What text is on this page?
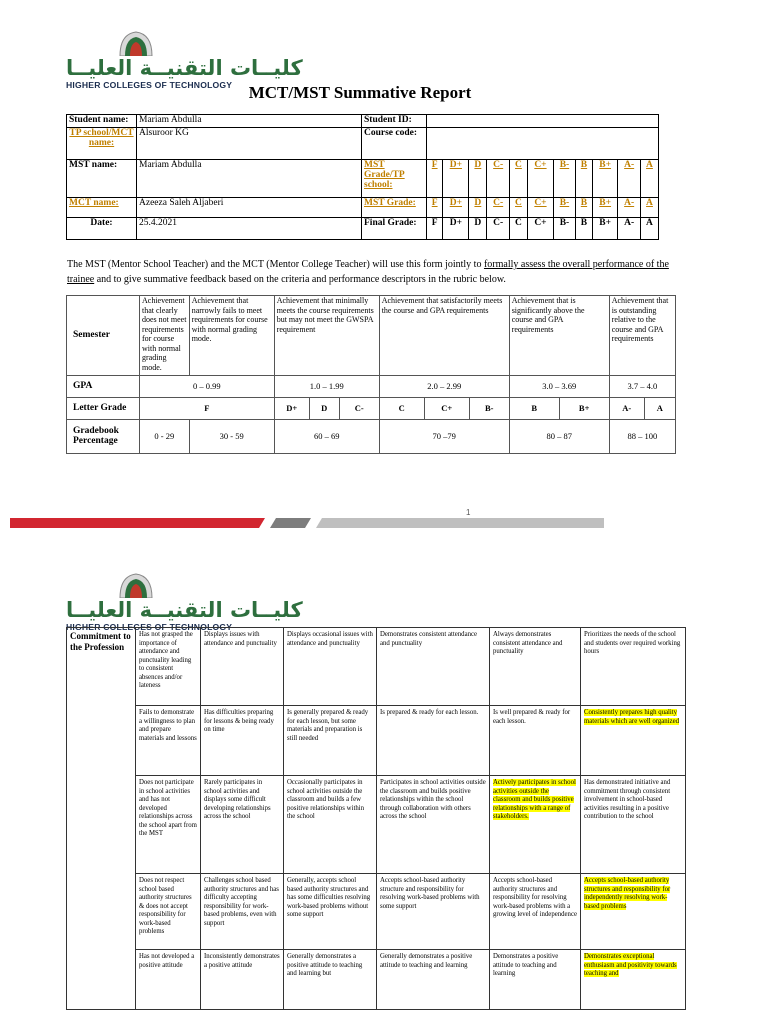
كليــات التقنيــة العليــا
HIGHER COLLEGES OF TECHNOLOGY MCT/MST Summative Report
Student name:	Mariam Abdulla	Student ID:											
TP school/MCT name:	Alsuroor KG	Course code:											
MST name:	Mariam Abdulla	MST Grade/TP school:	F	D+	D	C-	C	C+	B-	B	B+	A-	A
MCT name:	Azeeza Saleh Aljaberi	MST Grade:	F	D+	D	C-	C	C+	B-	B	B+	A-	A
Date:	25.4.2021	Final Grade:	F	D+	D	C-	C	C+	B-	B	B+	A-	A
The MST (Mentor School Teacher) and the MCT (Mentor College Teacher) will use this form jointly to formally assess the overall performance of the trainee and to give summative feedback based on the criteria and performance descriptors in the rubric below.
Semester	Achievement that clearly does not meet requirements for course with normal grading mode.	Achievement that narrowly fails to meet requirements for course with normal grading mode.	Achievement that minimally meets the course requirements but may not meet the GWSPA requirement			Achievement that satisfactorily meets the course and GPA requirements			Achievement that is significantly above the course and GPA requirements		Achievement that is outstanding relative to the course and GPA requirements	
GPA	0 – 0.99		1.0 – 1.99			2.0 – 2.99			3.0 – 3.69		3.7 – 4.0	
Letter Grade	F		D+	D	C-	C	C+	B-	B	B+	A-	A
Gradebook Percentage	0 - 29	30 - 59	60 – 69			70 –79			80 – 87		88 – 100	
1
كليــات التقنيــة العليــا
HIGHER COLLEGES OF TECHNOLOGY
Commitment to the Profession	Has not grasped the importance of attendance and punctuality leading to consistent absences and/or lateness	Displays issues with attendance and punctuality	Displays occasional issues with attendance and punctuality	Demonstrates consistent attendance and punctuality	Always demonstrates consistent attendance and punctuality	Prioritizes the needs of the school and students over required working hours
	Fails to demonstrate a willingness to plan and prepare materials and lessons	Has difficulties preparing for lessons & being ready on time	Is generally prepared & ready for each lesson, but some materials and preparation is still needed	Is prepared & ready for each lesson.	Is well prepared & ready for each lesson.	Consistently prepares high quality materials which are well organized
	Does not participate in school activities and has not developed relationships across the school apart from the MST	Rarely participates in school activities and displays some difficult developing relationships across the school	Occasionally participates in school activities outside the classroom and builds a few positive relationships within the school	Participates in school activities outside the classroom and builds positive relationships within the school through collaboration with others across the school	Actively participates in school activities outside the classroom and builds positive relationships with a range of stakeholders.	Has demonstrated initiative and commitment through consistent involvement in school-based activities resulting in a positive contribution to the school
	Does not respect school based authority structures & does not accept responsibility for work-based problems	Challenges school based authority structures and has difficulty accepting responsibility for work-based problems, even with support	Generally, accepts school based authority structures and has some difficulties resolving work-based problems without some support	Accepts school-based authority structure and responsibility for resolving work-based problems with some support	Accepts school-based authority structures and responsibility for resolving work-based problems with a growing level of independence	Accepts school-based authority structures and responsibility for independently resolving work-based problems
	Has not developed a positive attitude	Inconsistently demonstrates a positive attitude	Generally demonstrates a positive attitude to teaching and learning but	Generally demonstrates a positive attitude to teaching and learning	Demonstrates a positive attitude to teaching and learning	Demonstrates exceptional enthusiasm and positivity towards teaching and
